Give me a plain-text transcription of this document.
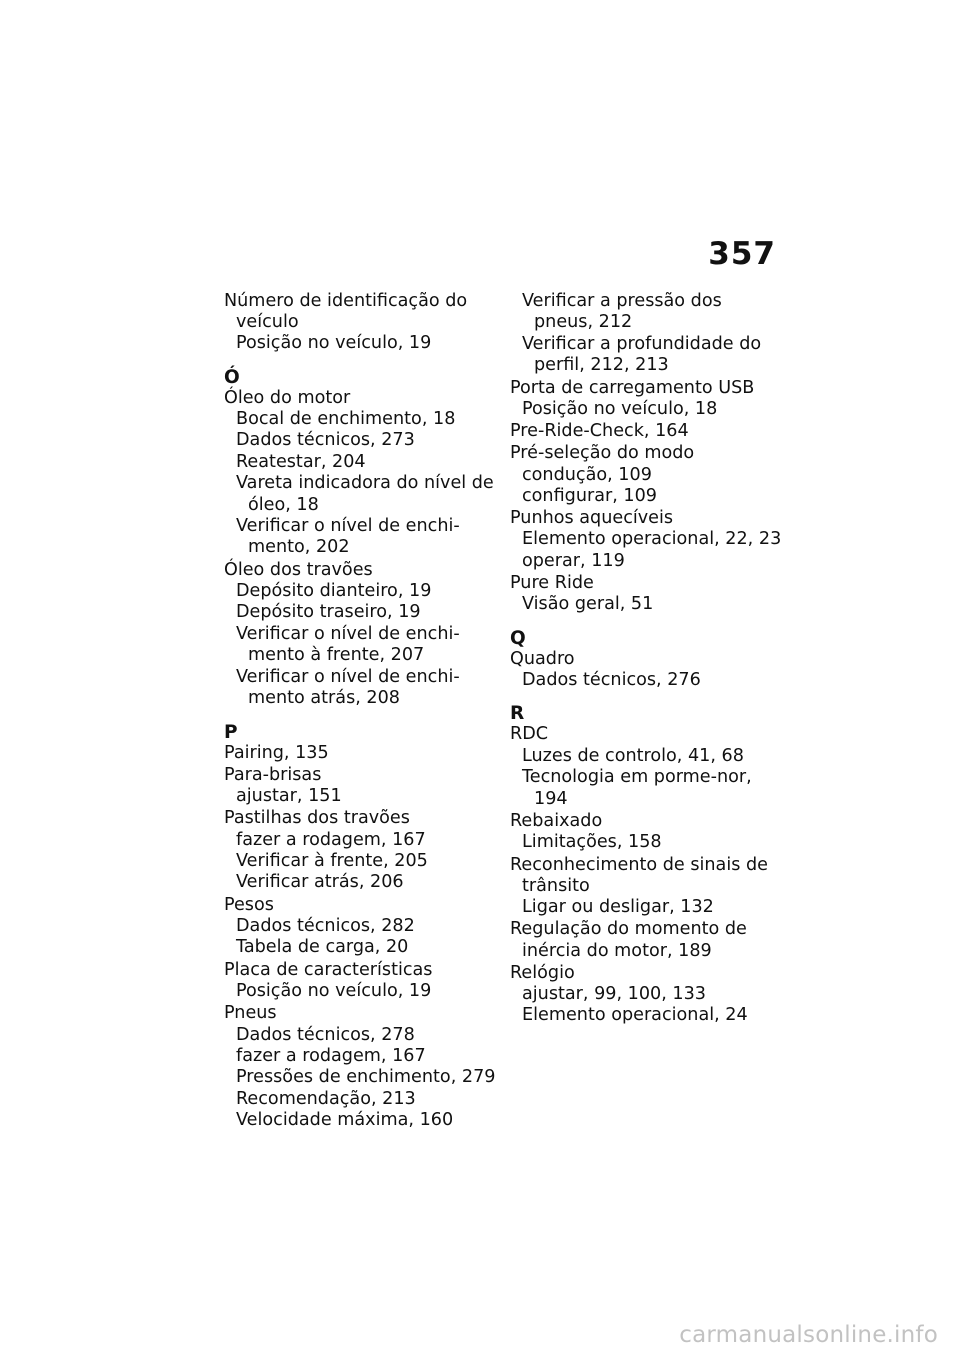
357
Número de identificação do veículo
Posição no veículo, 19
Ó
Óleo do motor
Bocal de enchimento, 18
Dados técnicos, 273
Reatestar, 204
Vareta indicadora do nível de óleo, 18
Verificar o nível de enchi-mento, 202
Óleo dos travões
Depósito dianteiro, 19
Depósito traseiro, 19
Verificar o nível de enchi-mento à frente, 207
Verificar o nível de enchi-mento atrás, 208
P
Pairing, 135
Para-brisas
ajustar, 151
Pastilhas dos travões
fazer a rodagem, 167
Verificar à frente, 205
Verificar atrás, 206
Pesos
Dados técnicos, 282
Tabela de carga, 20
Placa de características
Posição no veículo, 19
Pneus
Dados técnicos, 278
fazer a rodagem, 167
Pressões de enchimento, 279
Recomendação, 213
Velocidade máxima, 160
Verificar a pressão dos pneus, 212
Verificar a profundidade do perfil, 212, 213
Porta de carregamento USB
Posição no veículo, 18
Pre-Ride-Check, 164
Pré-seleção do modo condução, 109
configurar, 109
Punhos aquecíveis
Elemento operacional, 22, 23
operar, 119
Pure Ride
Visão geral, 51
Q
Quadro
Dados técnicos, 276
R
RDC
Luzes de controlo, 41, 68
Tecnologia em porme-nor, 194
Rebaixado
Limitações, 158
Reconhecimento de sinais de trânsito
Ligar ou desligar, 132
Regulação do momento de inércia do motor, 189
Relógio
ajustar, 99, 100, 133
Elemento operacional, 24
carmanualsonline.info
